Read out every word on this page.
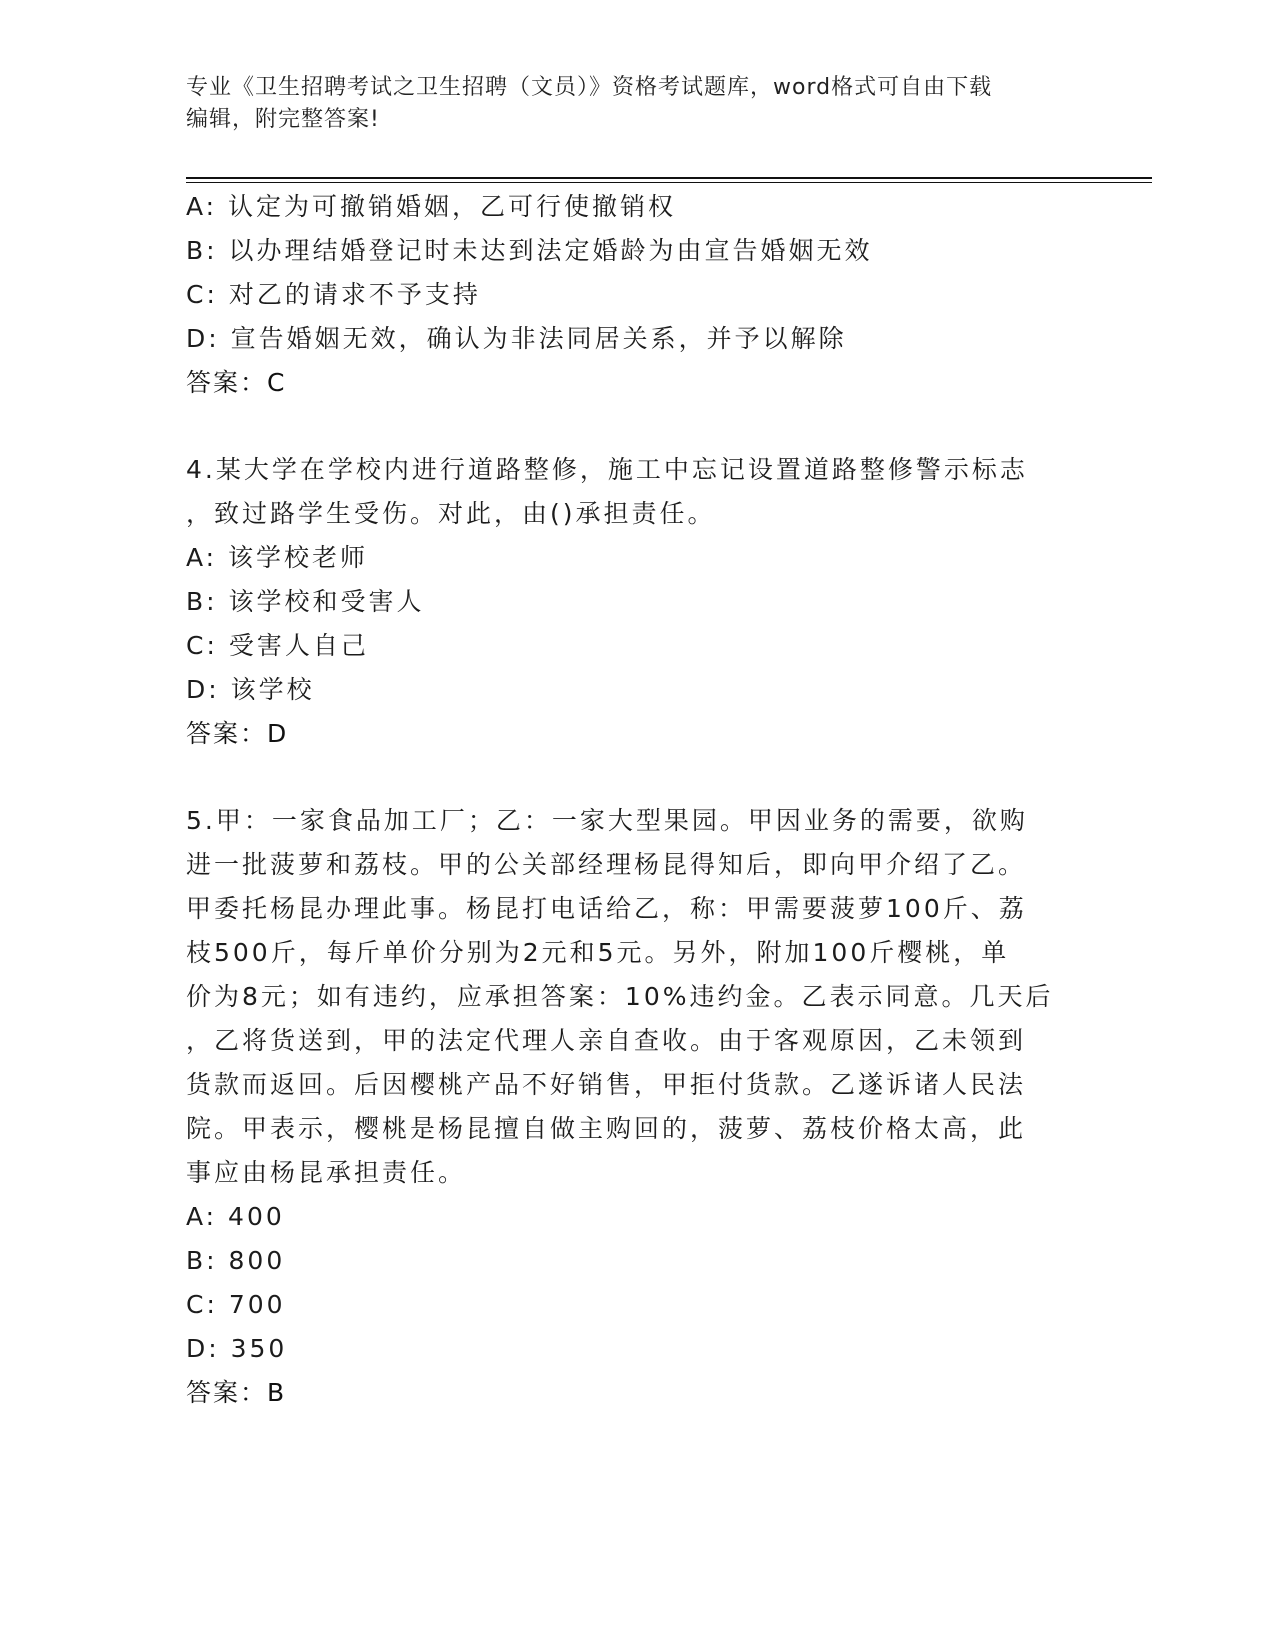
专业《卫生招聘考试之卫生招聘（文员）》资格考试题库，word格式可自由下载
编辑，附完整答案!
A: 认定为可撤销婚姻，乙可行使撤销权
B: 以办理结婚登记时未达到法定婚龄为由宣告婚姻无效
C: 对乙的请求不予支持
D: 宣告婚姻无效，确认为非法同居关系，并予以解除
答案：C
4.某大学在学校内进行道路整修，施工中忘记设置道路整修警示标志
，致过路学生受伤。对此，由()承担责任。
A: 该学校老师
B: 该学校和受害人
C: 受害人自己
D: 该学校
答案：D
5.甲：一家食品加工厂；乙：一家大型果园。甲因业务的需要，欲购
进一批菠萝和荔枝。甲的公关部经理杨昆得知后，即向甲介绍了乙。
甲委托杨昆办理此事。杨昆打电话给乙，称：甲需要菠萝100斤、荔
枝500斤，每斤单价分别为2元和5元。另外，附加100斤樱桃，单
价为8元；如有违约，应承担答案：10%违约金。乙表示同意。几天后
，乙将货送到，甲的法定代理人亲自查收。由于客观原因，乙未领到
货款而返回。后因樱桃产品不好销售，甲拒付货款。乙遂诉诸人民法
院。甲表示，樱桃是杨昆擅自做主购回的，菠萝、荔枝价格太高，此
事应由杨昆承担责任。
A: 400
B: 800
C: 700
D: 350
答案：B
